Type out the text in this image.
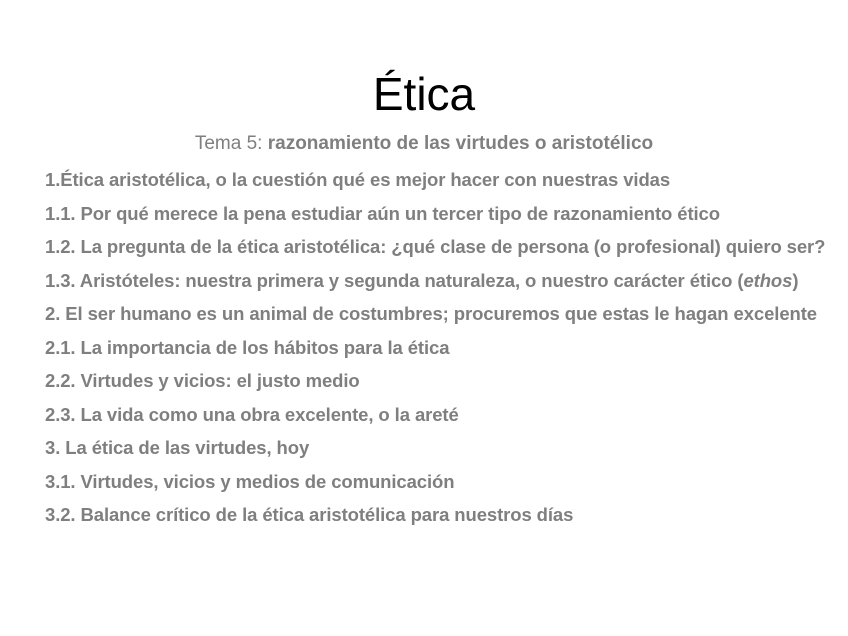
Ética
Tema 5: razonamiento de las virtudes o aristotélico
1.Ética aristotélica, o la cuestión qué es mejor hacer con nuestras vidas
1.1. Por qué merece la pena estudiar aún un tercer tipo de razonamiento ético
1.2. La pregunta de la ética aristotélica: ¿qué clase de persona (o profesional) quiero ser?
1.3. Aristóteles: nuestra primera y segunda naturaleza, o nuestro carácter ético (ethos)
2. El ser humano es un animal de costumbres; procuremos que estas le hagan excelente
2.1. La importancia de los hábitos para la ética
2.2. Virtudes y vicios: el justo medio
2.3. La vida como una obra excelente, o la areté
3. La ética de las virtudes, hoy
3.1. Virtudes, vicios y medios de comunicación
3.2. Balance crítico de la ética aristotélica para nuestros días
